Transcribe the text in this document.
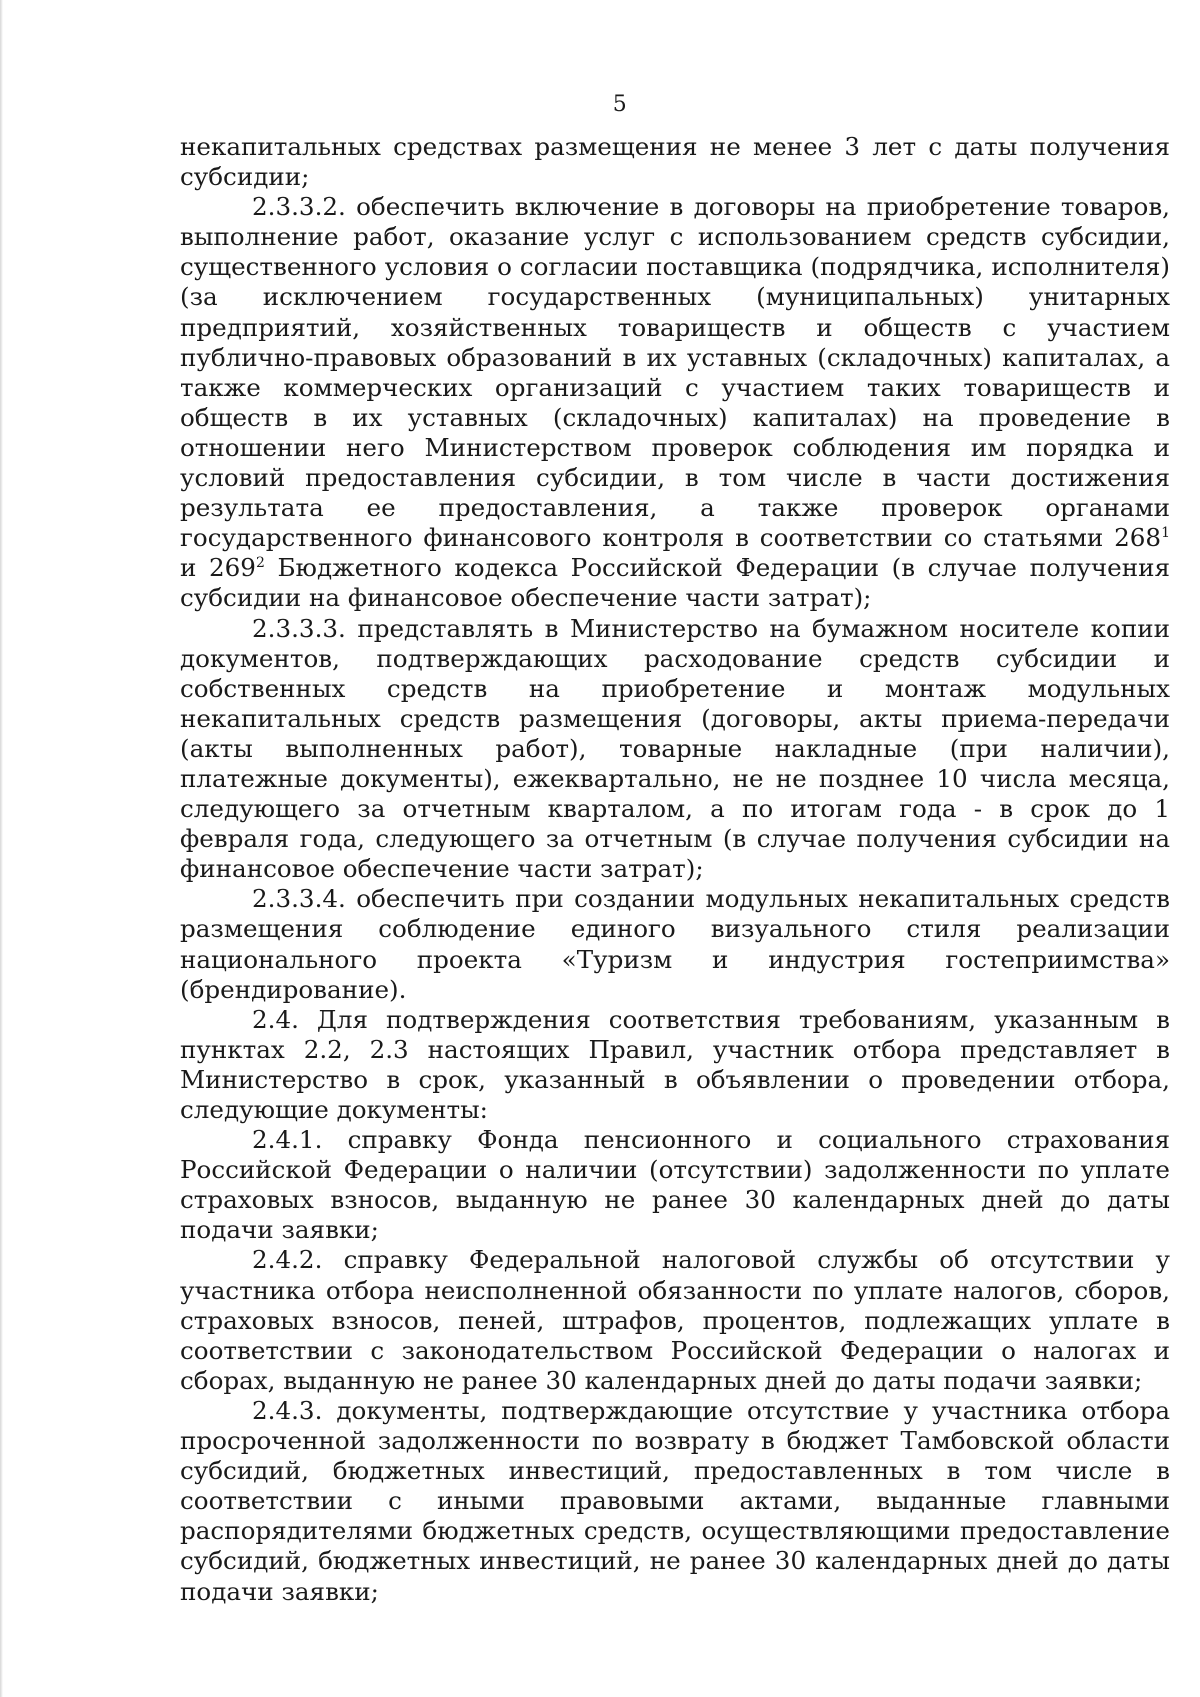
5

некапитальных средствах размещения не менее 3 лет с даты получения субсидии;

2.3.3.2. обеспечить включение в договоры на приобретение товаров, выполнение работ, оказание услуг с использованием средств субсидии, существенного условия о согласии поставщика (подрядчика, исполнителя) (за исключением государственных (муниципальных) унитарных предприятий, хозяйственных товариществ и обществ с участием публично-правовых образований в их уставных (складочных) капиталах, а также коммерческих организаций с участием таких товариществ и обществ в их уставных (складочных) капиталах) на проведение в отношении него Министерством проверок соблюдения им порядка и условий предоставления субсидии, в том числе в части достижения результата ее предоставления, а также проверок органами государственного финансового контроля в соответствии со статьями $268^1$ и $269^2$ Бюджетного кодекса Российской Федерации (в случае получения субсидии на финансовое обеспечение части затрат);

2.3.3.3. представлять в Министерство на бумажном носителе копии документов, подтверждающих расходование средств субсидии и собственных средств на приобретение и монтаж модульных некапитальных средств размещения (договоры, акты приема-передачи (акты выполненных работ), товарные накладные (при наличии), платежные документы), ежеквартально, не не позднее 10 числа месяца, следующего за отчетным кварталом, а по итогам года - в срок до 1 февраля года, следующего за отчетным (в случае получения субсидии на финансовое обеспечение части затрат);

2.3.3.4. обеспечить при создании модульных некапитальных средств размещения соблюдение единого визуального стиля реализации национального проекта «Туризм и индустрия гостеприимства» (брендирование).

2.4. Для подтверждения соответствия требованиям, указанным в пунктах 2.2, 2.3 настоящих Правил, участник отбора представляет в Министерство в срок, указанный в объявлении о проведении отбора, следующие документы:

2.4.1. справку Фонда пенсионного и социального страхования Российской Федерации о наличии (отсутствии) задолженности по уплате страховых взносов, выданную не ранее 30 календарных дней до даты подачи заявки;

2.4.2. справку Федеральной налоговой службы об отсутствии у участника отбора неисполненной обязанности по уплате налогов, сборов, страховых взносов, пеней, штрафов, процентов, подлежащих уплате в соответствии с законодательством Российской Федерации о налогах и сборах, выданную не ранее 30 календарных дней до даты подачи заявки;

2.4.3. документы, подтверждающие отсутствие у участника отбора просроченной задолженности по возврату в бюджет Тамбовской области субсидий, бюджетных инвестиций, предоставленных в том числе в соответствии с иными правовыми актами, выданные главными распорядителями бюджетных средств, осуществляющими предоставление субсидий, бюджетных инвестиций, не ранее 30 календарных дней до даты подачи заявки;
